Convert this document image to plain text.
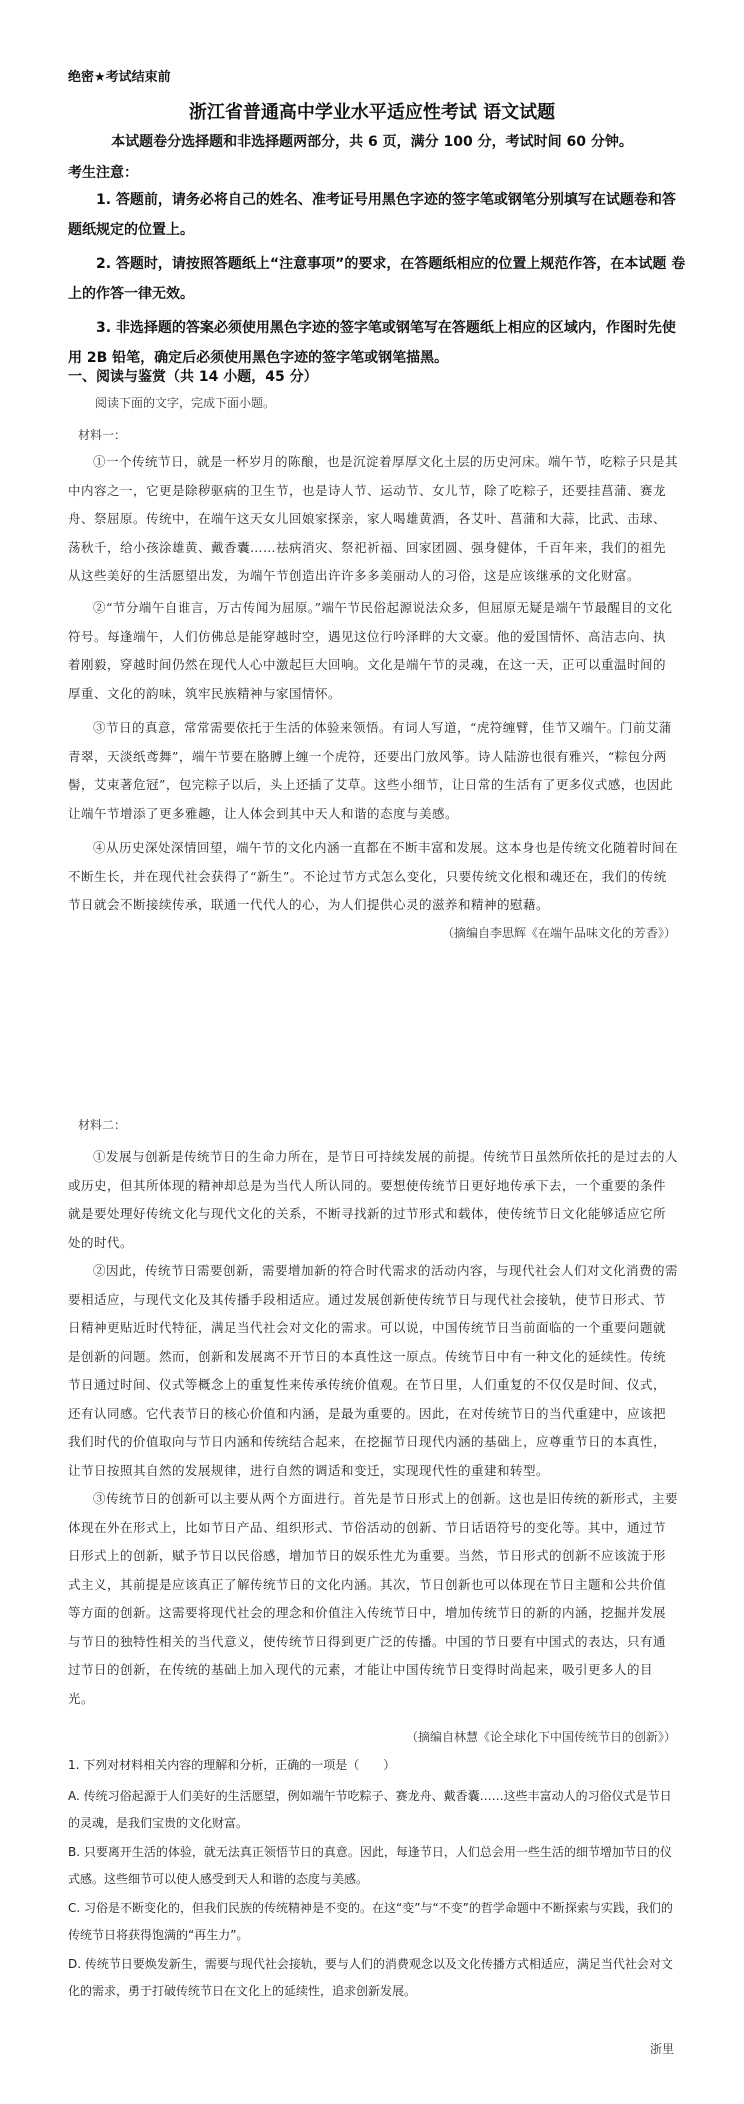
绝密★考试结束前
浙江省普通高中学业水平适应性考试 语文试题
本试题卷分选择题和非选择题两部分，共 6 页，满分 100 分，考试时间 60 分钟。
考生注意：
1. 答题前，请务必将自己的姓名、准考证号用黑色字迹的签字笔或钢笔分别填写在试题卷和答题纸规定的位置上。
2. 答题时，请按照答题纸上“注意事项”的要求，在答题纸相应的位置上规范作答，在本试题 卷上的作答一律无效。
3. 非选择题的答案必须使用黑色字迹的签字笔或钢笔写在答题纸上相应的区域内，作图时先使 用 2B 铅笔，确定后必须使用黑色字迹的签字笔或钢笔描黑。
一、阅读与鉴赏（共 14 小题，45 分）
阅读下面的文字，完成下面小题。
材料一：
①一个传统节日，就是一杯岁月的陈酿，也是沉淀着厚厚文化土层的历史河床。端午节，吃粽子只是其中内容之一，它更是除秽驱病的卫生节，也是诗人节、运动节、女儿节，除了吃粽子，还要挂菖蒲、赛龙舟、祭屈原。传统中，在端午这天女儿回娘家探亲，家人喝雄黄酒，各艾叶、菖蒲和大蒜，比武、击球、荡秋千，给小孩涂雄黄、戴香囊……祛病消灾、祭祀祈福、回家团圆、强身健体，千百年来，我们的祖先从这些美好的生活愿望出发，为端午节创造出许许多多美丽动人的习俗，这是应该继承的文化财富。
②“节分端午自谁言，万古传闻为屈原。”端午节民俗起源说法众多，但屈原无疑是端午节最醒目的文化符号。每逢端午，人们仿佛总是能穿越时空，遇见这位行吟泽畔的大文豪。他的爱国情怀、高洁志向、执着刚毅，穿越时间仍然在现代人心中激起巨大回响。文化是端午节的灵魂，在这一天，正可以重温时间的厚重、文化的韵味，筑牢民族精神与家国情怀。
③节日的真意，常常需要依托于生活的体验来领悟。有词人写道，“虎符缠臂，佳节又端午。门前艾蒲青翠，天淡纸鸢舞”，端午节要在胳膊上缠一个虎符，还要出门放风筝。诗人陆游也很有雅兴，“粽包分两髻，艾束著危冠”，包完粽子以后，头上还插了艾草。这些小细节，让日常的生活有了更多仪式感，也因此让端午节增添了更多雅趣，让人体会到其中天人和谐的态度与美感。
④从历史深处深情回望，端午节的文化内涵一直都在不断丰富和发展。这本身也是传统文化随着时间在不断生长，并在现代社会获得了“新生”。不论过节方式怎么变化，只要传统文化根和魂还在，我们的传统节日就会不断接续传承，联通一代代人的心，为人们提供心灵的滋养和精神的慰藉。
（摘编自李思辉《在端午品味文化的芳香》）
材料二：
①发展与创新是传统节日的生命力所在，是节日可持续发展的前提。传统节日虽然所依托的是过去的人或历史，但其所体现的精神却总是为当代人所认同的。要想使传统节日更好地传承下去，一个重要的条件就是要处理好传统文化与现代文化的关系，不断寻找新的过节形式和载体，使传统节日文化能够适应它所处的时代。
②因此，传统节日需要创新，需要增加新的符合时代需求的活动内容，与现代社会人们对文化消费的需要相适应，与现代文化及其传播手段相适应。通过发展创新使传统节日与现代社会接轨，使节日形式、节日精神更贴近时代特征，满足当代社会对文化的需求。可以说，中国传统节日当前面临的一个重要问题就是创新的问题。然而，创新和发展离不开节日的本真性这一原点。传统节日中有一种文化的延续性。传统节日通过时间、仪式等概念上的重复性来传承传统价值观。在节日里，人们重复的不仅仅是时间、仪式，还有认同感。它代表节日的核心价值和内涵，是最为重要的。因此，在对传统节日的当代重建中，应该把我们时代的价值取向与节日内涵和传统结合起来，在挖掘节日现代内涵的基础上，应尊重节日的本真性，让节日按照其自然的发展规律，进行自然的调适和变迁，实现现代性的重建和转型。
③传统节日的创新可以主要从两个方面进行。首先是节日形式上的创新。这也是旧传统的新形式，主要体现在外在形式上，比如节日产品、组织形式、节俗活动的创新、节日话语符号的变化等。其中，通过节日形式上的创新，赋予节日以民俗感，增加节日的娱乐性尤为重要。当然，节日形式的创新不应该流于形式主义，其前提是应该真正了解传统节日的文化内涵。其次，节日创新也可以体现在节日主题和公共价值等方面的创新。这需要将现代社会的理念和价值注入传统节日中，增加传统节日的新的内涵，挖掘并发展与节日的独特性相关的当代意义，使传统节日得到更广泛的传播。中国的节日要有中国式的表达，只有通过节日的创新，在传统的基础上加入现代的元素，才能让中国传统节日变得时尚起来，吸引更多人的目光。
（摘编自林慧《论全球化下中国传统节日的创新》）
1. 下列对材料相关内容的理解和分析，正确的一项是（　　）
A. 传统习俗起源于人们美好的生活愿望，例如端午节吃粽子、赛龙舟、戴香囊……这些丰富动人的习俗仪式是节日的灵魂，是我们宝贵的文化财富。
B. 只要离开生活的体验，就无法真正领悟节日的真意。因此，每逢节日，人们总会用一些生活的细节增加节日的仪式感。这些细节可以使人感受到天人和谐的态度与美感。
C. 习俗是不断变化的，但我们民族的传统精神是不变的。在这“变”与“不变”的哲学命题中不断探索与实践，我们的传统节日将获得饱满的“再生力”。
D. 传统节日要焕发新生，需要与现代社会接轨，要与人们的消费观念以及文化传播方式相适应，满足当代社会对文化的需求，勇于打破传统节日在文化上的延续性，追求创新发展。
浙里
